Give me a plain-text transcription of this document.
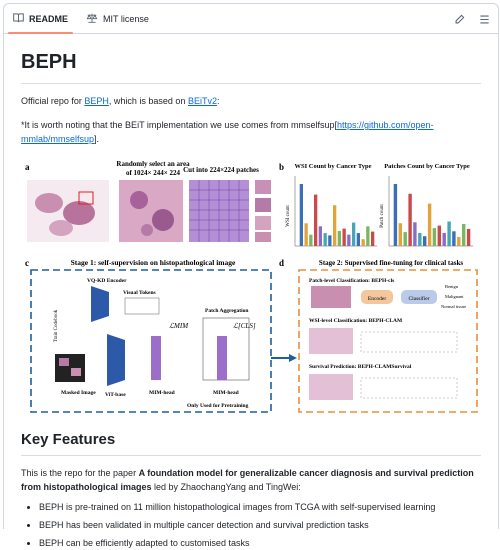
README	MIT license
BEPH

Official repo for BEPH, which is based on BEiTv2:

*It is worth noting that the BEiT implementation we use comes from mmselfsup[https://github.com/open-mmlab/mmselfsup].

a	Randomly select an area
of 1024× 244× 224 Cut into 224×224 patches b WSI Count by Cancer Type Patches Count by Cancer Type
WSI count	Patch count
c	Stage 1: self-supervision on histopathological image
VQ-KD Encoder
Visual Tokens
Train Codebook
Masked Image ViT-base
ℒMIM
MIM-head
Patch Aggregation
ℒ[CLS]
MIM-head
Only Used for Pretraining
d	Stage 2: Supervised fine-tuning for clinical tasks
Patch-level Classification: BEPH-cls
Encoder	Classifier
Benign
Malignant
Normal tissue
WSI-level Classification: BEPH-CLAM
Survival Prediction: BEPH-CLAMSurvival
Key Features

This is the repo for the paper A foundation model for generalizable cancer diagnosis and survival prediction from histopathological images led by ZhaochangYang and TingWei:

• BEPH is pre-trained on 11 million histopathological images from TCGA with self-supervised learning
• BEPH has been validated in multiple cancer detection and survival prediction tasks
• BEPH can be efficiently adapted to customised tasks
